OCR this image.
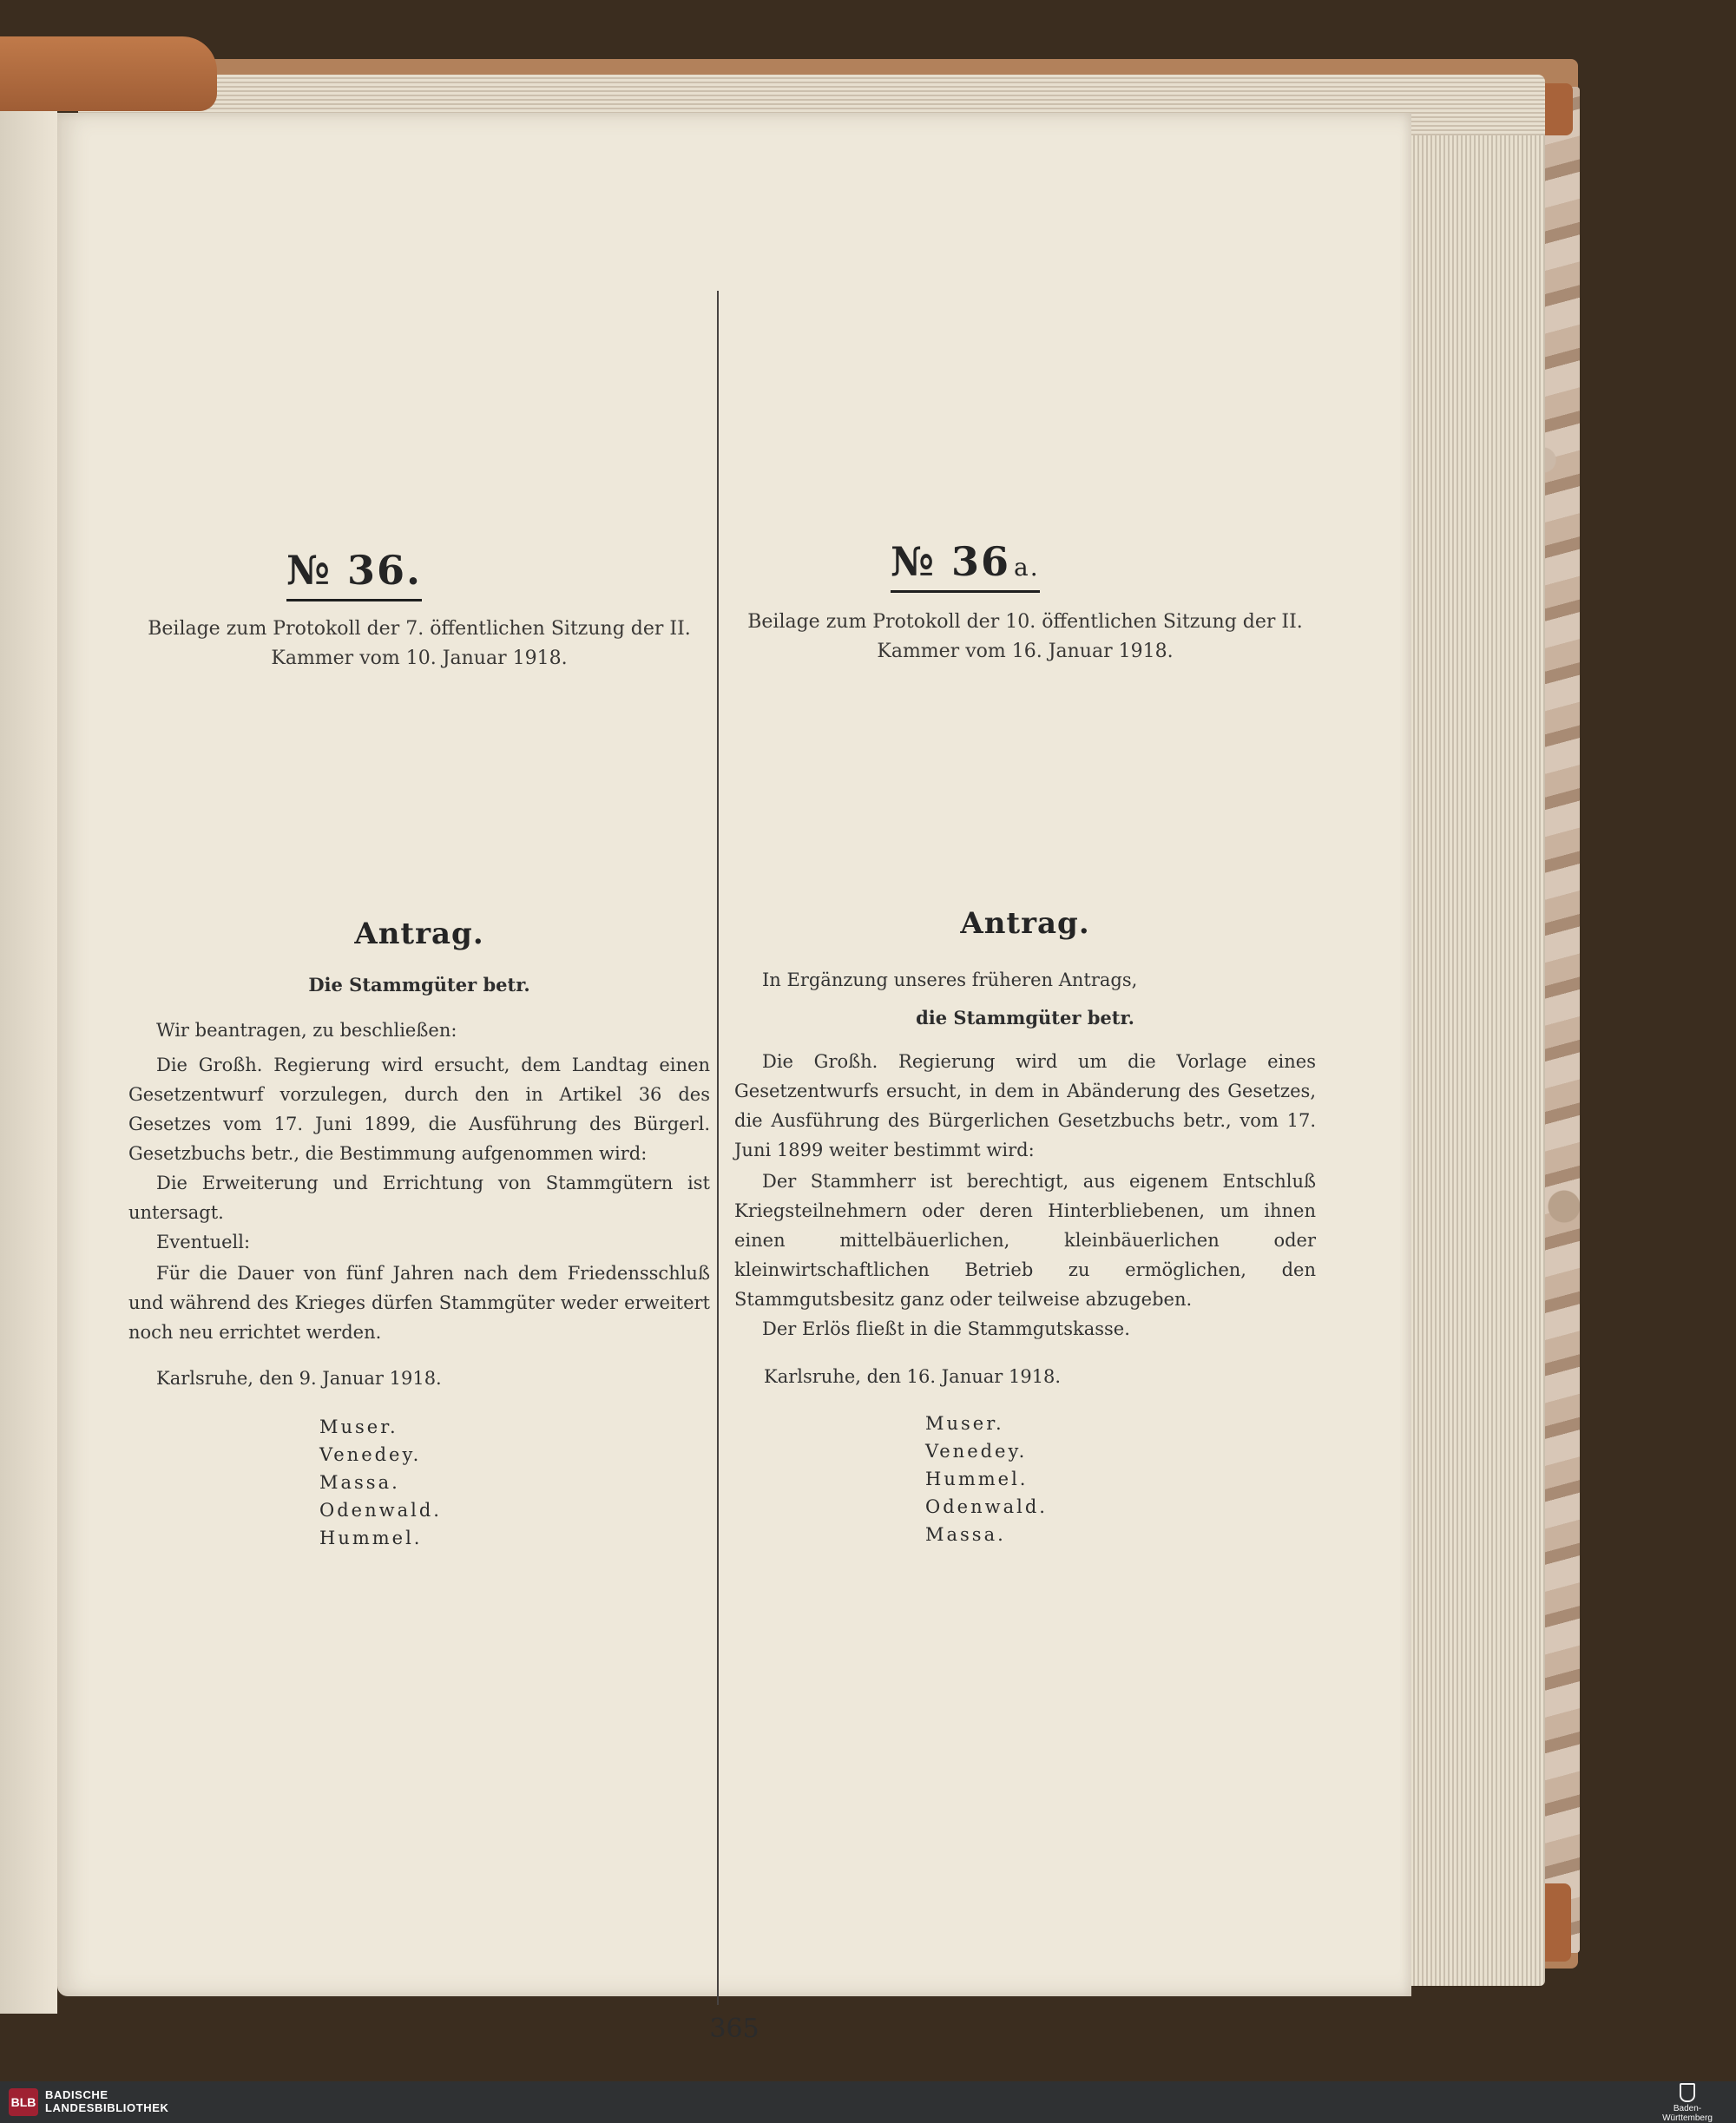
№ 36.
Beilage zum Protokoll der 7. öffentlichen Sitzung der II. Kammer vom 10. Januar 1918.
Antrag.
Die Stammgüter betr.
Wir beantragen, zu beschließen:
Die Großh. Regierung wird ersucht, dem Landtag einen Gesetzentwurf vorzulegen, durch den in Artikel 36 des Gesetzes vom 17. Juni 1899, die Ausführung des Bürgerl. Gesetzbuchs betr., die Bestimmung aufgenommen wird:
Die Erweiterung und Errichtung von Stammgütern ist untersagt.
Eventuell:
Für die Dauer von fünf Jahren nach dem Friedensschluß und während des Krieges dürfen Stammgüter weder erweitert noch neu errichtet werden.
Karlsruhe, den 9. Januar 1918.
Muser.
Venedey.
Massa.
Odenwald.
Hummel.
№ 36 a.
Beilage zum Protokoll der 10. öffentlichen Sitzung der II. Kammer vom 16. Januar 1918.
Antrag.
In Ergänzung unseres früheren Antrags,
die Stammgüter betr.
Die Großh. Regierung wird um die Vorlage eines Gesetzentwurfs ersucht, in dem in Abänderung des Gesetzes, die Ausführung des Bürgerlichen Gesetzbuchs betr., vom 17. Juni 1899 weiter bestimmt wird:
Der Stammherr ist berechtigt, aus eigenem Entschluß Kriegsteilnehmern oder deren Hinterbliebenen, um ihnen einen mittelbäuerlichen, kleinbäuerlichen oder kleinwirtschaftlichen Betrieb zu ermöglichen, den Stammgutsbesitz ganz oder teilweise abzugeben.
Der Erlös fließt in die Stammgutskasse.
Karlsruhe, den 16. Januar 1918.
Muser.
Venedey.
Hummel.
Odenwald.
Massa.
365
BLB
BADISCHE
LANDESBIBLIOTHEK	Baden-Württemberg
